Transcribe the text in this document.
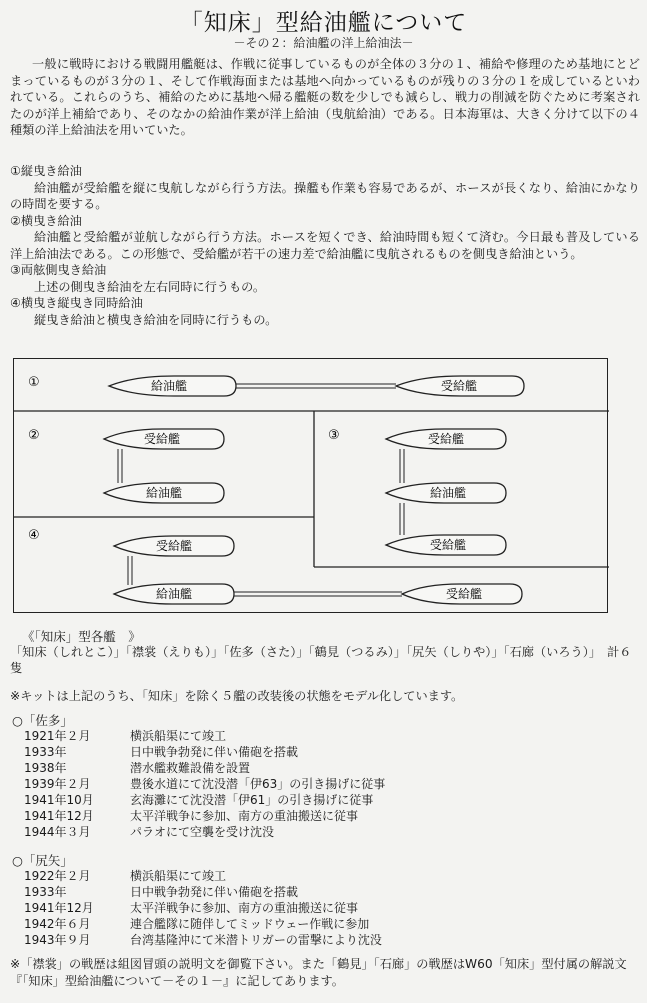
「知床」型給油艦について
－その２：給油艦の洋上給油法－

一般に戦時における戦闘用艦艇は、作戦に従事しているものが全体の３分の１、補給や修理のため基地にとどまっているものが３分の１、そして作戦海面または基地へ向かっているものが残りの３分の１を成しているといわれている。これらのうち、補給のために基地へ帰る艦艇の数を少しでも減らし、戦力の削減を防ぐために考案されたのが洋上補給であり、そのなかの給油作業が洋上給油（曳航給油）である。日本海軍は、大きく分けて以下の４種類の洋上給油法を用いていた。

①縦曳き給油

給油艦が受給艦を縦に曳航しながら行う方法。操艦も作業も容易であるが、ホースが長くなり、給油にかなりの時間を要する。

②横曳き給油

給油艦と受給艦が並航しながら行う方法。ホースを短くでき、給油時間も短くて済む。今日最も普及している洋上給油法である。この形態で、受給艦が若干の速力差で給油艦に曳航されるものを側曳き給油という。

③両舷側曳き給油

上述の側曳き給油を左右同時に行うもの。

④横曳き縦曳き同時給油

縦曳き給油と横曳き給油を同時に行うもの。

①
②	③
④
給油艦	受給艦
受給艦
給油艦
受給艦
給油艦
受給艦
受給艦
給油艦	受給艦
《「知床」型各艦　》

「知床（しれとこ）」「襟裳（えりも）」「佐多（さた）」「鶴見（つるみ）」「尻矢（しりや）」「石廊（いろう）」　計６隻

※キットは上記のうち、「知床」を除く５艦の改装後の状態をモデル化しています。
○「佐多」
1921年２月	横浜船渠にて竣工
1933年	日中戦争勃発に伴い備砲を搭載
1938年	潜水艦救難設備を設置
1939年２月	豊後水道にて沈没潜「伊63」の引き揚げに従事
1941年10月	玄海灘にて沈没潜「伊61」の引き揚げに従事
1941年12月	太平洋戦争に参加、南方の重油搬送に従事
1944年３月	パラオにて空襲を受け沈没
○「尻矢」
1922年２月	横浜船渠にて竣工
1933年	日中戦争勃発に伴い備砲を搭載
1941年12月	太平洋戦争に参加、南方の重油搬送に従事
1942年６月	連合艦隊に随伴してミッドウェー作戦に参加
1943年９月	台湾基隆沖にて米潜トリガーの雷撃により沈没

※「襟裳」の戦歴は組図冒頭の説明文を御覧下さい。また「鶴見」「石廊」の戦歴はW60「知床」型付属の解説文『「知床」型給油艦について－その１－』に記してあります。
